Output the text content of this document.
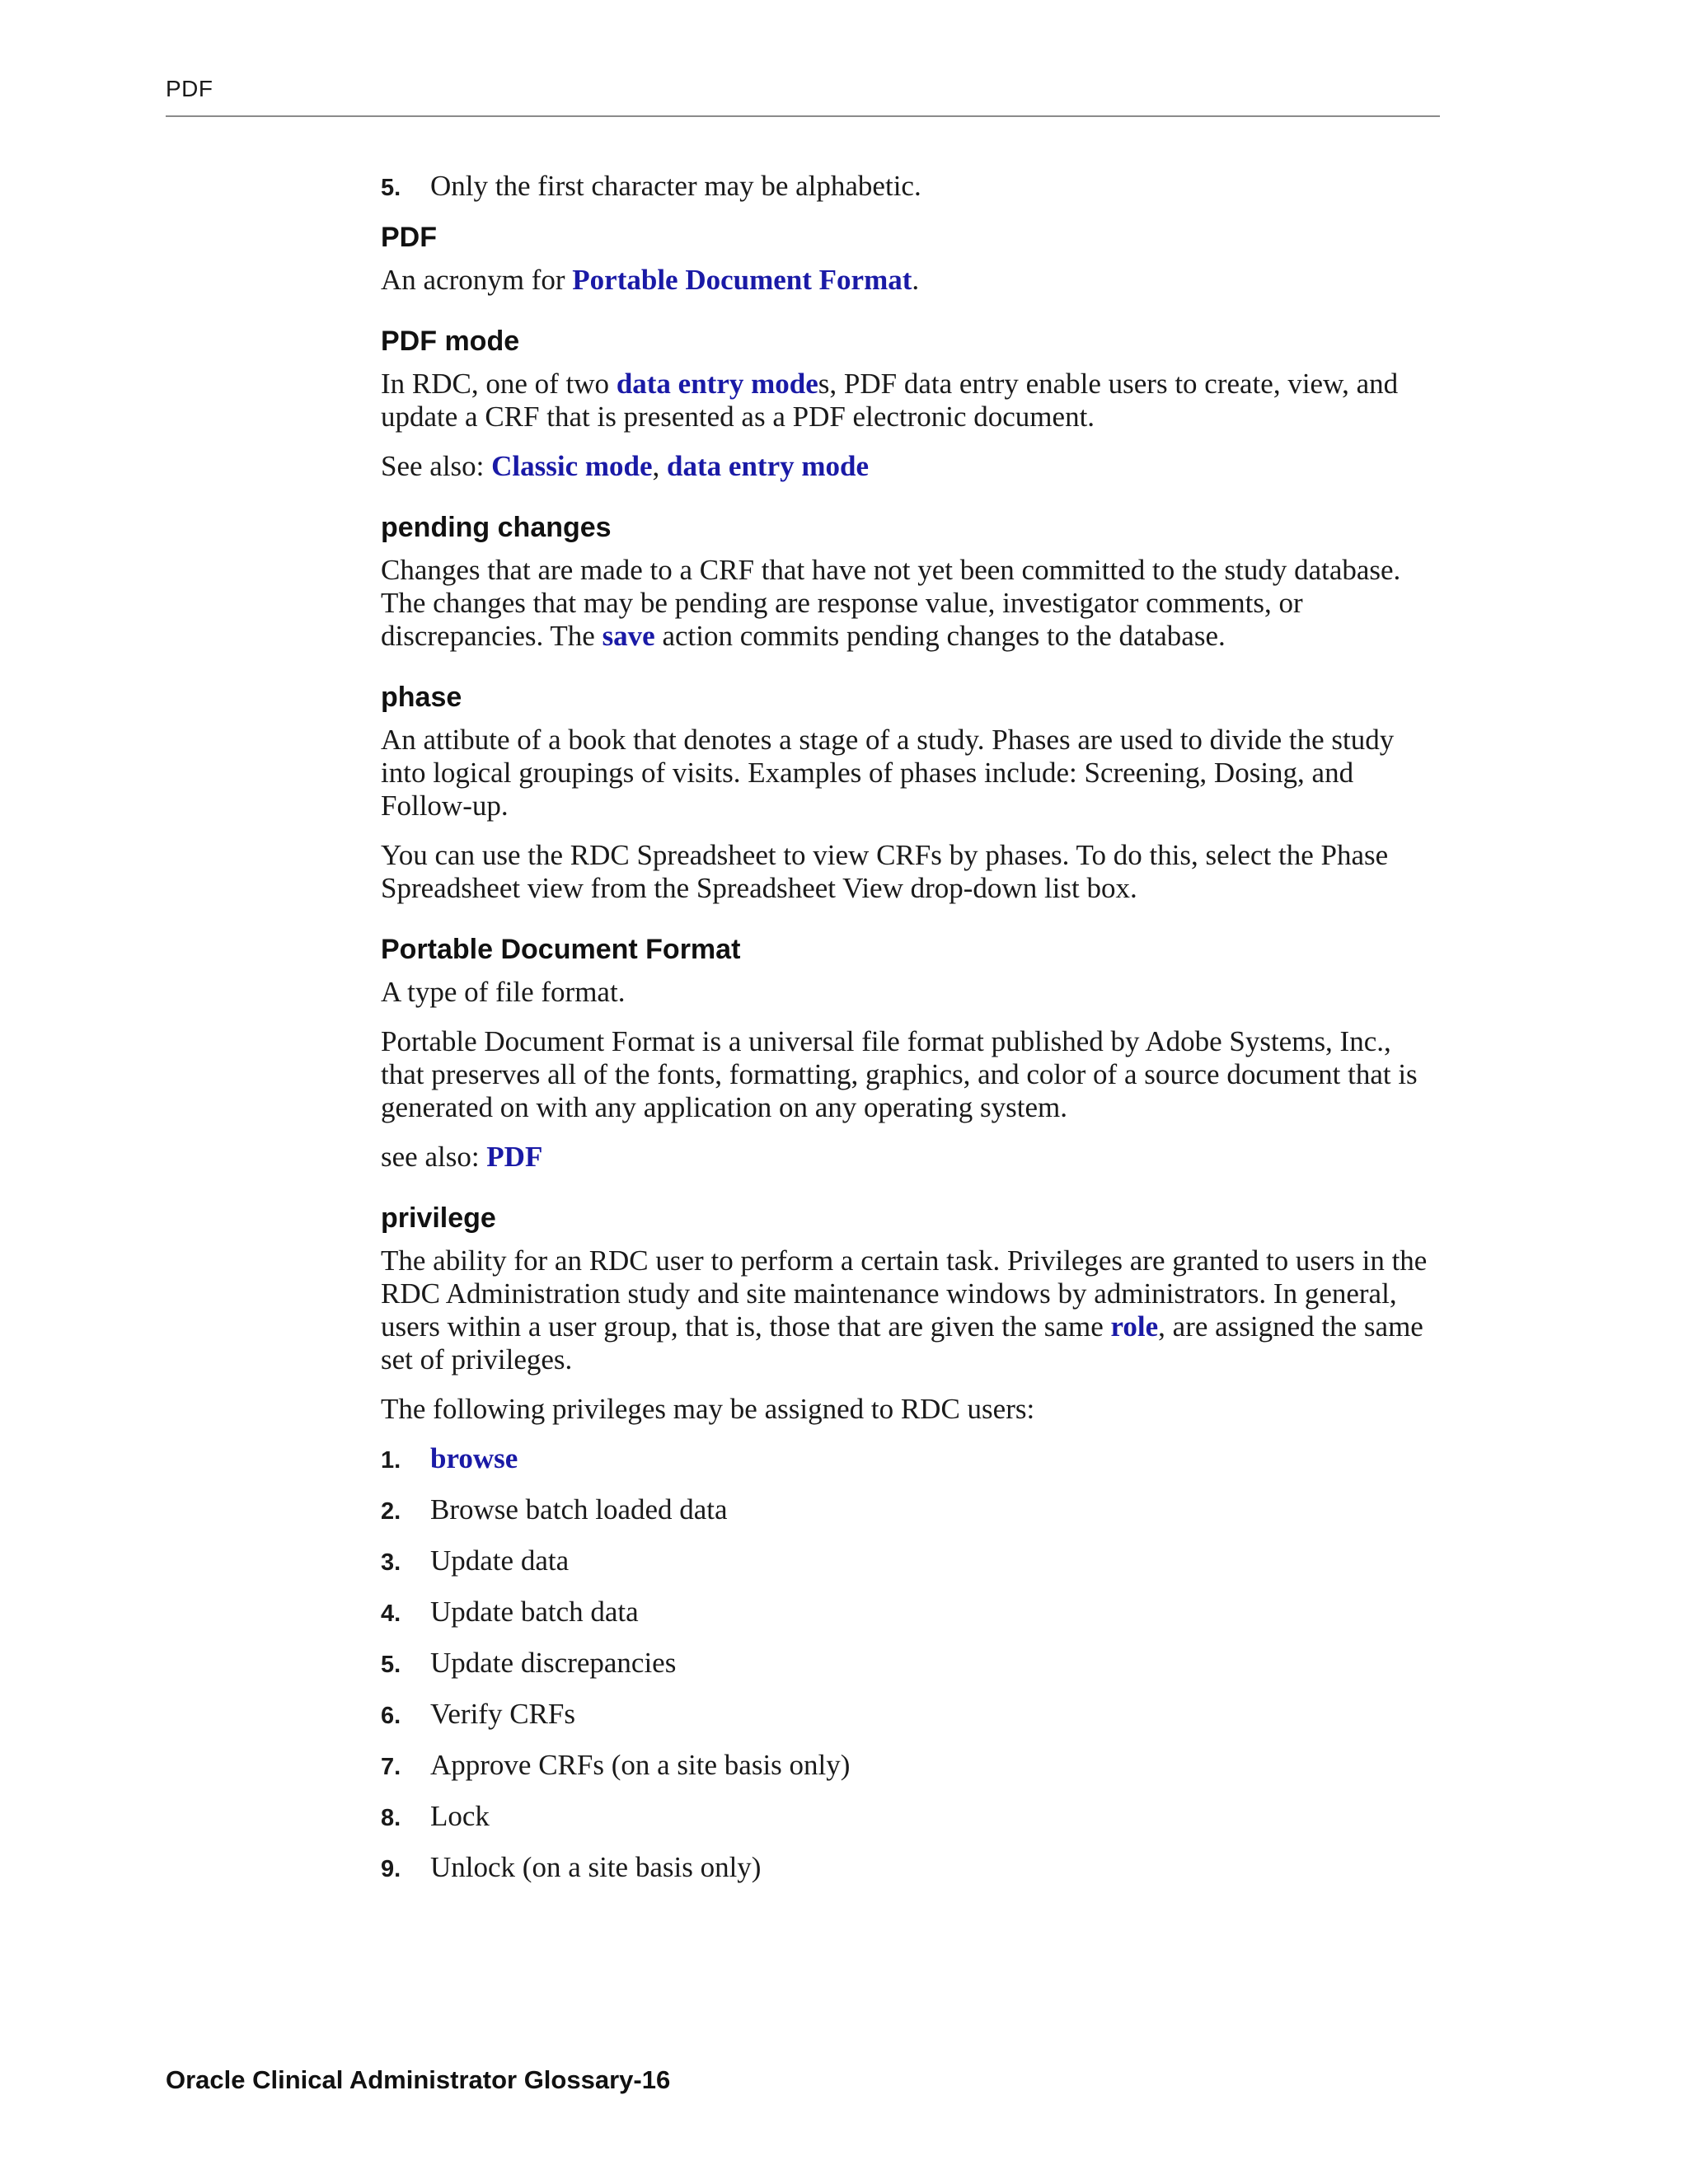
PDF
5.	Only the first character may be alphabetic.
PDF

An acronym for Portable Document Format.

PDF mode

In RDC, one of two data entry modes, PDF data entry enable users to create, view, and update a CRF that is presented as a PDF electronic document.

See also: Classic mode, data entry mode

pending changes

Changes that are made to a CRF that have not yet been committed to the study database. The changes that may be pending are response value, investigator comments, or discrepancies. The save action commits pending changes to the database.

phase

An attibute of a book that denotes a stage of a study. Phases are used to divide the study into logical groupings of visits. Examples of phases include: Screening, Dosing, and Follow-up.

You can use the RDC Spreadsheet to view CRFs by phases. To do this, select the Phase Spreadsheet view from the Spreadsheet View drop-down list box.

Portable Document Format

A type of file format.

Portable Document Format is a universal file format published by Adobe Systems, Inc., that preserves all of the fonts, formatting, graphics, and color of a source document that is generated on with any application on any operating system.

see also: PDF

privilege

The ability for an RDC user to perform a certain task. Privileges are granted to users in the RDC Administration study and site maintenance windows by administrators. In general, users within a user group, that is, those that are given the same role, are assigned the same set of privileges.

The following privileges may be assigned to RDC users:

1.	browse
2.	Browse batch loaded data
3.	Update data
4.	Update batch data
5.	Update discrepancies
6.	Verify CRFs
7.	Approve CRFs (on a site basis only)
8.	Lock
9.	Unlock (on a site basis only)
Oracle Clinical Administrator Glossary-16
